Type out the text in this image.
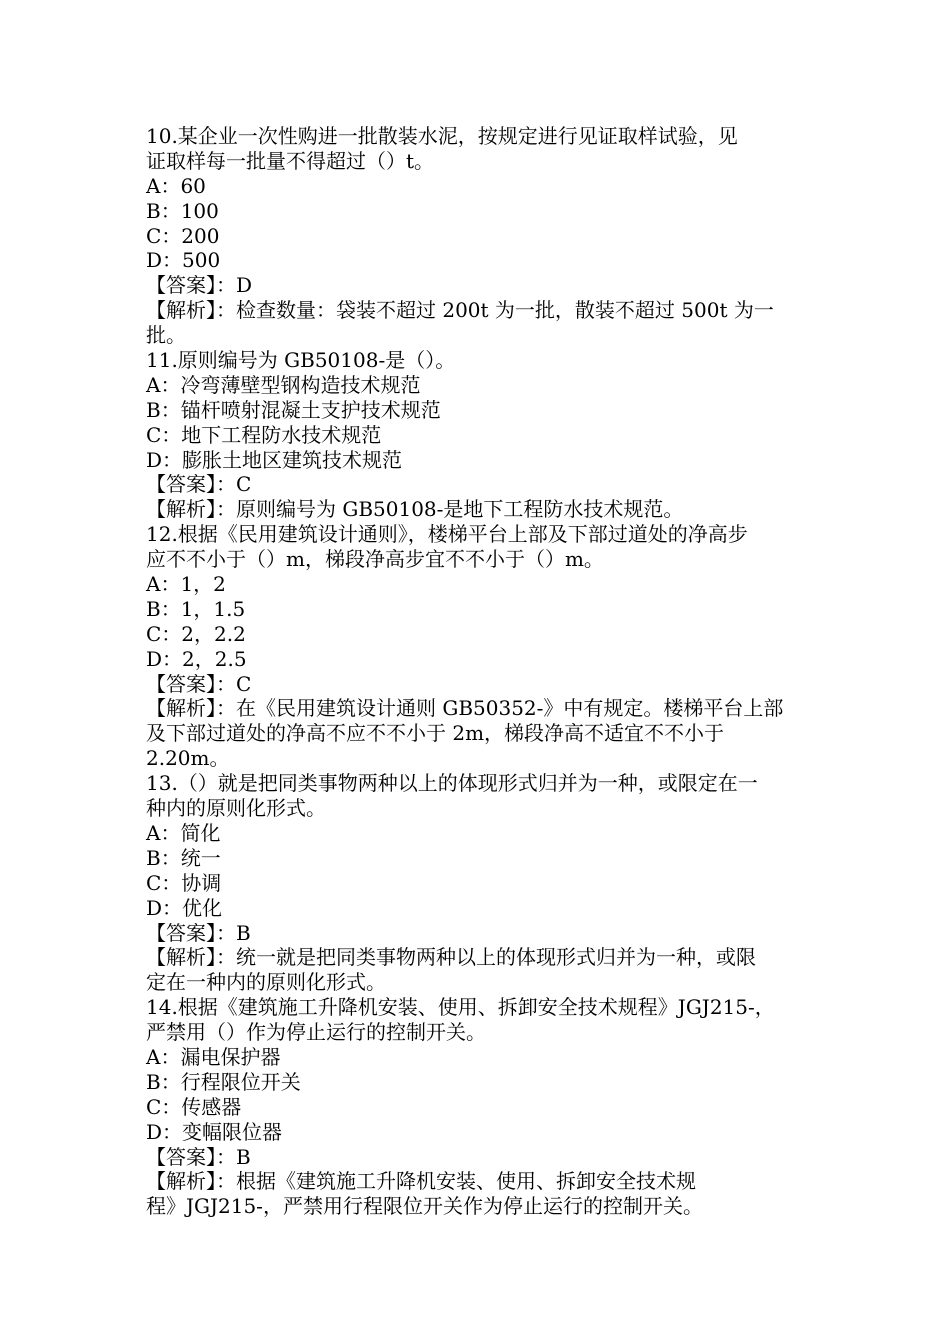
10.某企业一次性购进一批散装水泥，按规定进行见证取样试验，见
证取样每一批量不得超过（）t。
A：60
B：100
C：200
D：500
【答案】：D
【解析】：检查数量：袋装不超过 200t 为一批，散装不超过 500t 为一
批。
11.原则编号为 GB50108-是（）。
A：冷弯薄壁型钢构造技术规范
B：锚杆喷射混凝土支护技术规范
C：地下工程防水技术规范
D：膨胀土地区建筑技术规范
【答案】：C
【解析】：原则编号为 GB50108-是地下工程防水技术规范。
12.根据《民用建筑设计通则》，楼梯平台上部及下部过道处的净高步
应不不小于（）m，梯段净高步宜不不小于（）m。
A：1，2
B：1，1.5
C：2，2.2
D：2，2.5
【答案】：C
【解析】：在《民用建筑设计通则 GB50352-》中有规定。楼梯平台上部
及下部过道处的净高不应不不小于 2m，梯段净高不适宜不不小于
2.20m。
13.（）就是把同类事物两种以上的体现形式归并为一种，或限定在一
种内的原则化形式。
A：简化
B：统一
C：协调
D：优化
【答案】：B
【解析】：统一就是把同类事物两种以上的体现形式归并为一种，或限
定在一种内的原则化形式。
14.根据《建筑施工升降机安装、使用、拆卸安全技术规程》JGJ215-，
严禁用（）作为停止运行的控制开关。
A：漏电保护器
B：行程限位开关
C：传感器
D：变幅限位器
【答案】：B
【解析】：根据《建筑施工升降机安装、使用、拆卸安全技术规
程》JGJ215-，严禁用行程限位开关作为停止运行的控制开关。
